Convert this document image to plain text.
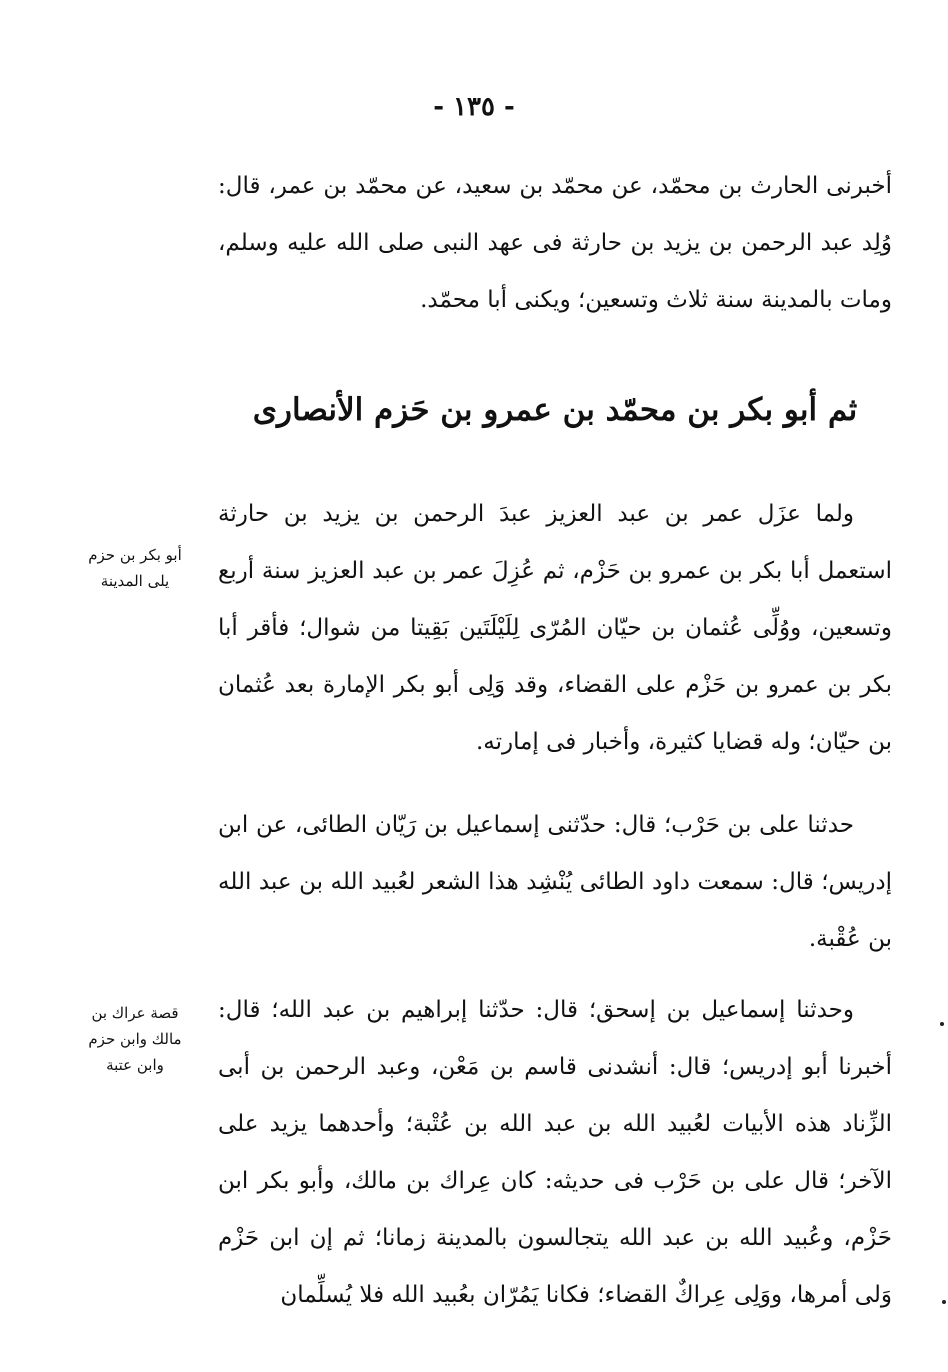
- ١٣٥ -

أخبرنى الحارث بن محمّد، عن محمّد بن سعيد، عن محمّد بن عمر، قال: وُلِد عبد الرحمن بن يزيد بن حارثة فى عهد النبى صلى الله عليه وسلم، ومات بالمدينة سنة ثلاث وتسعين؛ ويكنى أبا محمّد.

ثم أبو بكر بن محمّد بن عمرو بن حَزم الأنصارى

ولما عزَل عمر بن عبد العزيز عبدَ الرحمن بن يزيد بن حارثة استعمل أبا بكر بن عمرو بن حَزْم، ثم عُزِلَ عمر بن عبد العزيز سنة أربع وتسعين، ووُلِّى عُثمان بن حيّان المُرّى لِلَيْلَتَين بَقِيتا من شوال؛ فأقر أبا بكر بن عمرو بن حَزْم على القضاء، وقد وَلِى أبو بكر الإمارة بعد عُثمان بن حيّان؛ وله قضايا كثيرة، وأخبار فى إمارته.

حدثنا على بن حَرْب؛ قال: حدّثنى إسماعيل بن رَيّان الطائى، عن ابن إدريس؛ قال: سمعت داود الطائى يُنْشِد هذا الشعر لعُبيد الله بن عبد الله بن عُقْبة.

وحدثنا إسماعيل بن إسحق؛ قال: حدّثنا إبراهيم بن عبد الله؛ قال: أخبرنا أبو إدريس؛ قال: أنشدنى قاسم بن مَعْن، وعبد الرحمن بن أبى الزِّناد هذه الأبيات لعُبيد الله بن عبد الله بن عُتْبة؛ وأحدهما يزيد على الآخر؛ قال على بن حَرْب فى حديثه: كان عِراك بن مالك، وأبو بكر ابن حَزْم، وعُبيد الله بن عبد الله يتجالسون بالمدينة زمانا؛ ثم إن ابن حَزْم وَلى أمرها، ووَلِى عِراكٌ القضاء؛ فكانا يَمُرّان بعُبيد الله فلا يُسلِّمان

أبو بكر بن حزم
يلى المدينة
قصة عراك بن
مالك وابن حزم
وابن عتبة
